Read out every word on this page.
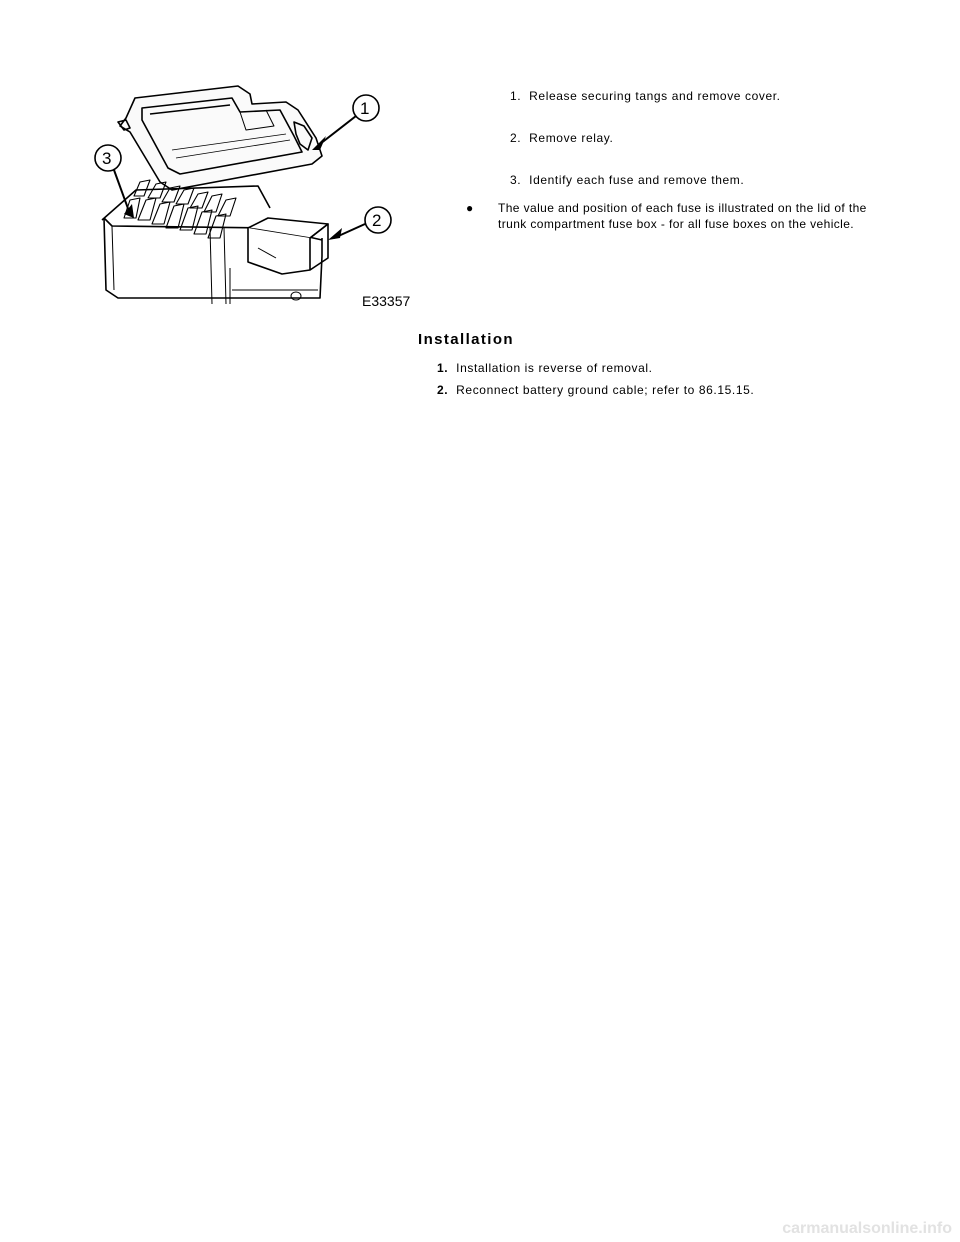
1
2
3
E33357

1. Release securing tangs and remove cover.

2. Remove relay.

3. Identify each fuse and remove them.

● The value and position of each fuse is illustrated on the lid of the trunk compartment fuse box - for all fuse boxes on the vehicle.
Installation

1. Installation is reverse of removal.

2. Reconnect battery ground cable; refer to 86.15.15.

carmanualsonline.info
